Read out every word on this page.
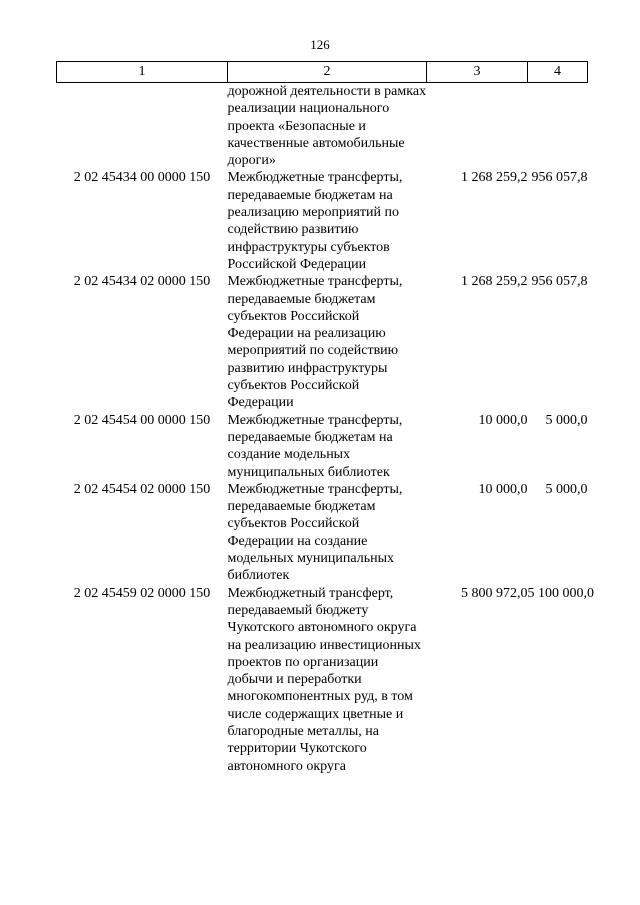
126
1	2	3	4
	дорожной деятельности в рамках реализации национального проекта «Безопасные и качественные автомобильные дороги»		
2 02 45434 00 0000 150	Межбюджетные трансферты, передаваемые бюджетам на реализацию мероприятий по содействию развитию инфраструктуры субъектов Российской Федерации	1 268 259,2	956 057,8
2 02 45434 02 0000 150	Межбюджетные трансферты, передаваемые бюджетам субъектов Российской Федерации на реализацию мероприятий по содействию развитию инфраструктуры субъектов Российской Федерации	1 268 259,2	956 057,8
2 02 45454 00 0000 150	Межбюджетные трансферты, передаваемые бюджетам на создание модельных муниципальных библиотек	10 000,0	5 000,0
2 02 45454 02 0000 150	Межбюджетные трансферты, передаваемые бюджетам субъектов Российской Федерации на создание модельных муниципальных библиотек	10 000,0	5 000,0
2 02 45459 02 0000 150	Межбюджетный трансферт, передаваемый бюджету Чукотского автономного округа на реализацию инвестиционных проектов по организации добычи и переработки многокомпонентных руд, в том числе содержащих цветные и благородные металлы, на территории Чукотского автономного округа	5 800 972,0	5 100 000,0
